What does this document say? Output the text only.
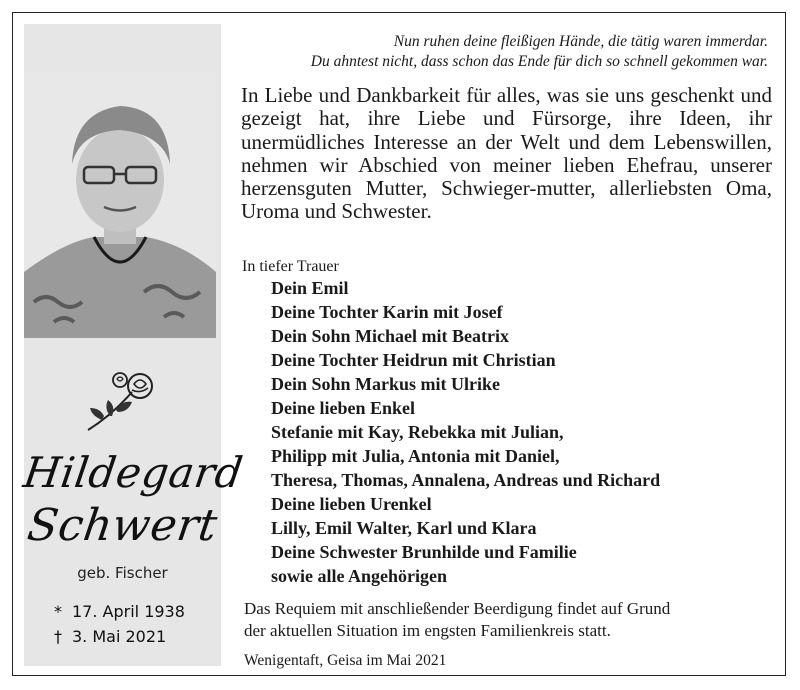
Hildegard
Schwert
geb. Fischer
* 17. April 1938
† 3. Mai 2021
Nun ruhen deine fleißigen Hände, die tätig waren immerdar.
Du ahntest nicht, dass schon das Ende für dich so schnell gekommen war.
In Liebe und Dankbarkeit für alles, was sie uns geschenkt und gezeigt hat, ihre Liebe und Fürsorge, ihre Ideen, ihr unermüdliches Interesse an der Welt und dem Lebenswillen, nehmen wir Abschied von meiner lieben Ehefrau, unserer herzensguten Mutter, Schwieger-mutter, allerliebsten Oma, Uroma und Schwester.
In tiefer Trauer
Dein Emil
Deine Tochter Karin mit Josef
Dein Sohn Michael mit Beatrix
Deine Tochter Heidrun mit Christian
Dein Sohn Markus mit Ulrike
Deine lieben Enkel
Stefanie mit Kay, Rebekka mit Julian,
Philipp mit Julia, Antonia mit Daniel,
Theresa, Thomas, Annalena, Andreas und Richard
Deine lieben Urenkel
Lilly, Emil Walter, Karl und Klara
Deine Schwester Brunhilde und Familie
sowie alle Angehörigen
Das Requiem mit anschließender Beerdigung findet auf Grund
der aktuellen Situation im engsten Familienkreis statt.
Wenigentaft, Geisa im Mai 2021
